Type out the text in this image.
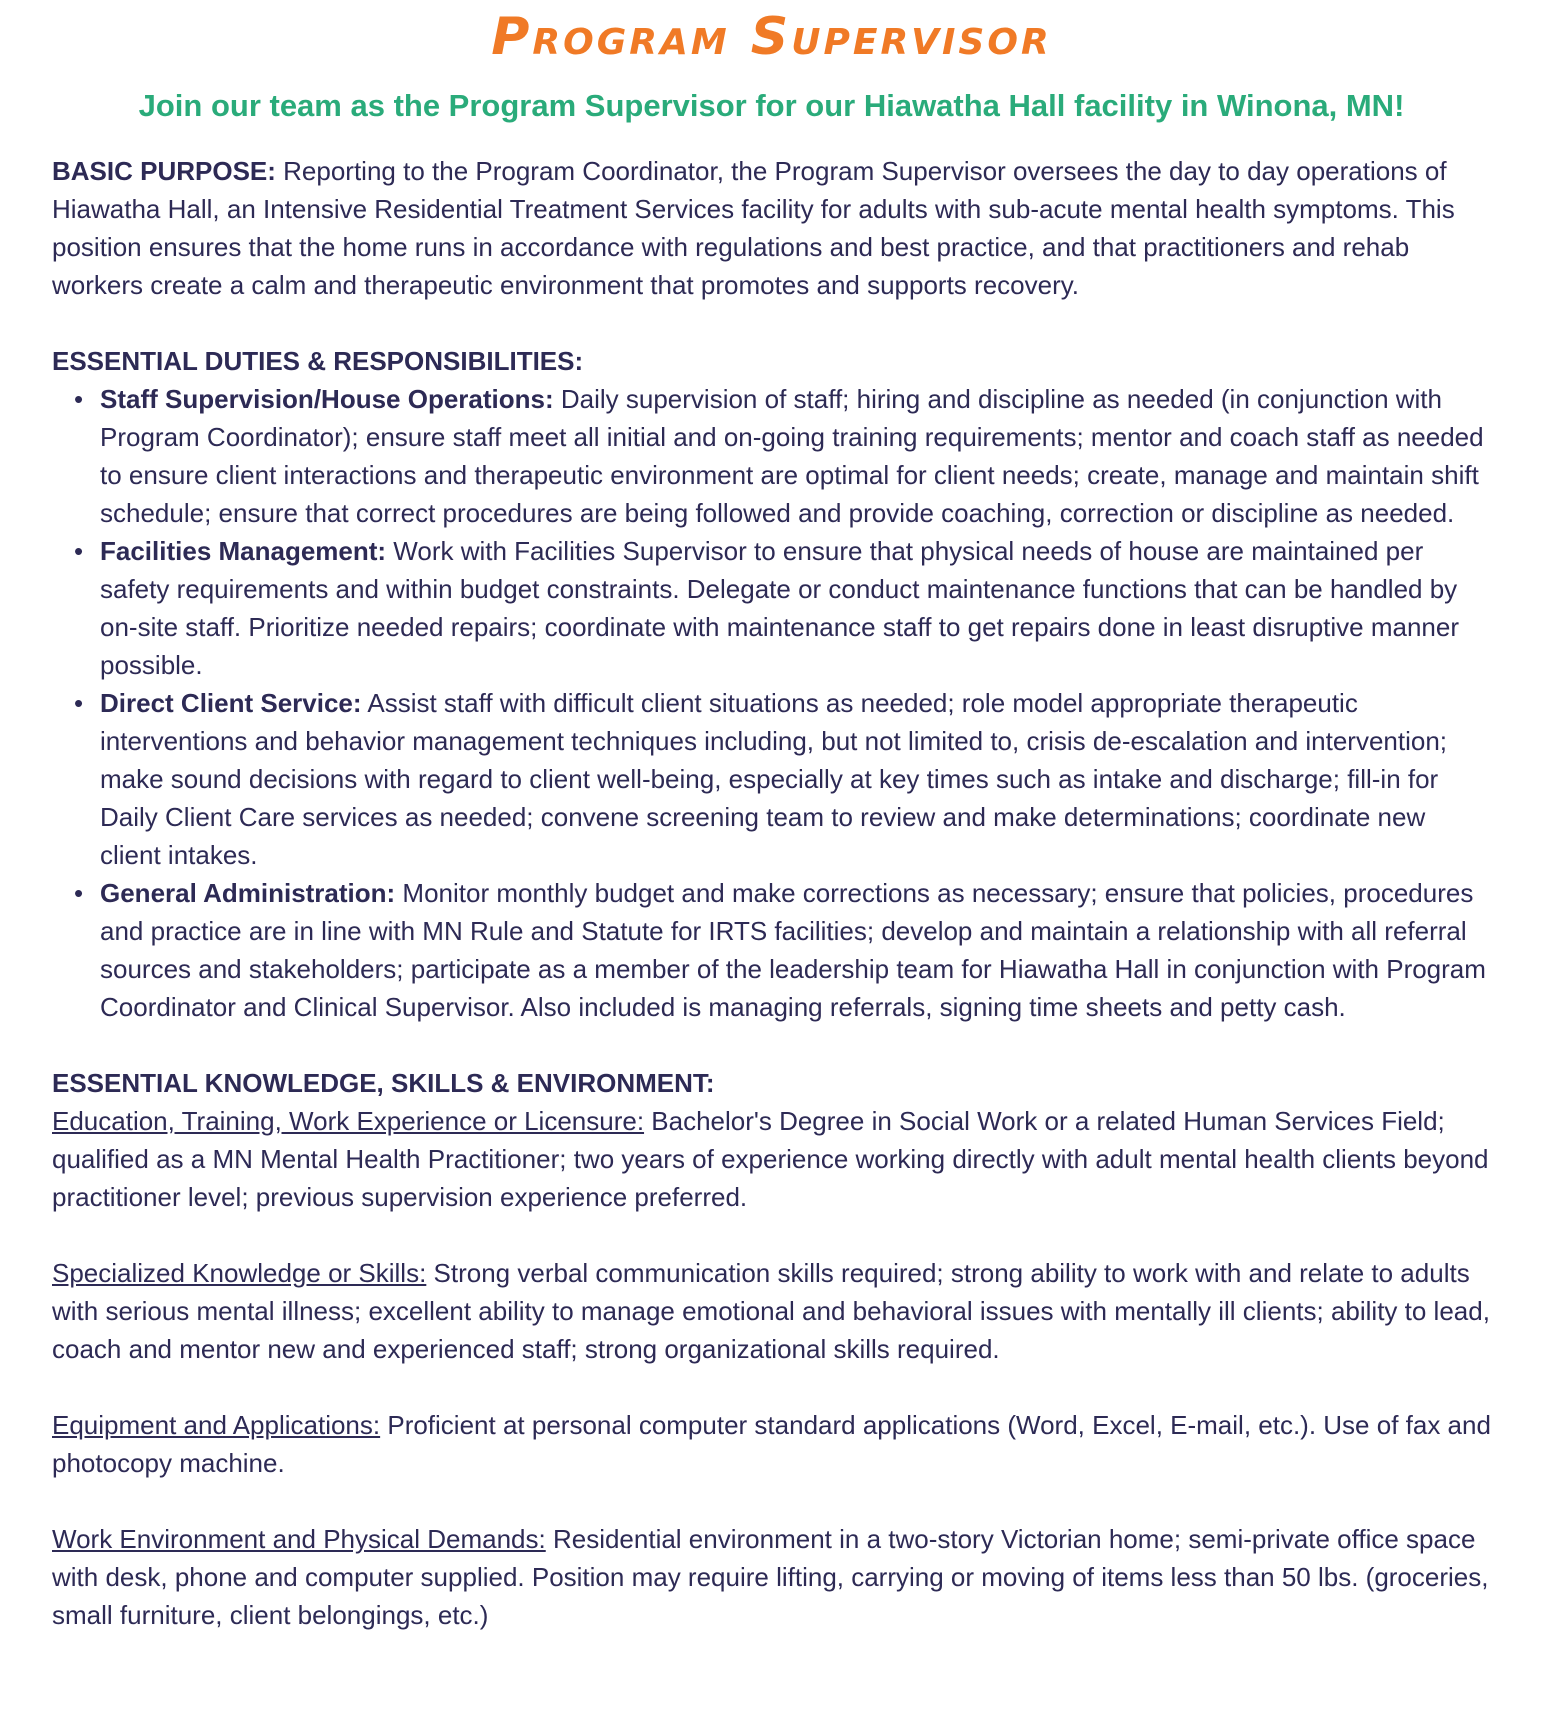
Program Supervisor
Join our team as the Program Supervisor for our Hiawatha Hall facility in Winona, MN!

BASIC PURPOSE: Reporting to the Program Coordinator, the Program Supervisor oversees the day to day operations of Hiawatha Hall, an Intensive Residential Treatment Services facility for adults with sub-acute mental health symptoms. This position ensures that the home runs in accordance with regulations and best practice, and that practitioners and rehab workers create a calm and therapeutic environment that promotes and supports recovery.

ESSENTIAL DUTIES & RESPONSIBILITIES:
• Staff Supervision/House Operations: Daily supervision of staff; hiring and discipline as needed (in conjunction with Program Coordinator); ensure staff meet all initial and on-going training requirements; mentor and coach staff as needed to ensure client interactions and therapeutic environment are optimal for client needs; create, manage and maintain shift schedule; ensure that correct procedures are being followed and provide coaching, correction or discipline as needed.
• Facilities Management: Work with Facilities Supervisor to ensure that physical needs of house are maintained per safety requirements and within budget constraints. Delegate or conduct maintenance functions that can be handled by on-site staff. Prioritize needed repairs; coordinate with maintenance staff to get repairs done in least disruptive manner possible.
• Direct Client Service: Assist staff with difficult client situations as needed; role model appropriate therapeutic interventions and behavior management techniques including, but not limited to, crisis de-escalation and intervention; make sound decisions with regard to client well-being, especially at key times such as intake and discharge; fill-in for Daily Client Care services as needed; convene screening team to review and make determinations; coordinate new client intakes.
• General Administration: Monitor monthly budget and make corrections as necessary; ensure that policies, procedures and practice are in line with MN Rule and Statute for IRTS facilities; develop and maintain a relationship with all referral sources and stakeholders; participate as a member of the leadership team for Hiawatha Hall in conjunction with Program Coordinator and Clinical Supervisor. Also included is managing referrals, signing time sheets and petty cash.
ESSENTIAL KNOWLEDGE, SKILLS & ENVIRONMENT:

Education, Training, Work Experience or Licensure: Bachelor's Degree in Social Work or a related Human Services Field; qualified as a MN Mental Health Practitioner; two years of experience working directly with adult mental health clients beyond practitioner level; previous supervision experience preferred.

Specialized Knowledge or Skills: Strong verbal communication skills required; strong ability to work with and relate to adults with serious mental illness; excellent ability to manage emotional and behavioral issues with mentally ill clients; ability to lead, coach and mentor new and experienced staff; strong organizational skills required.

Equipment and Applications: Proficient at personal computer standard applications (Word, Excel, E-mail, etc.). Use of fax and photocopy machine.

Work Environment and Physical Demands: Residential environment in a two-story Victorian home; semi-private office space with desk, phone and computer supplied. Position may require lifting, carrying or moving of items less than 50 lbs. (groceries, small furniture, client belongings, etc.)
